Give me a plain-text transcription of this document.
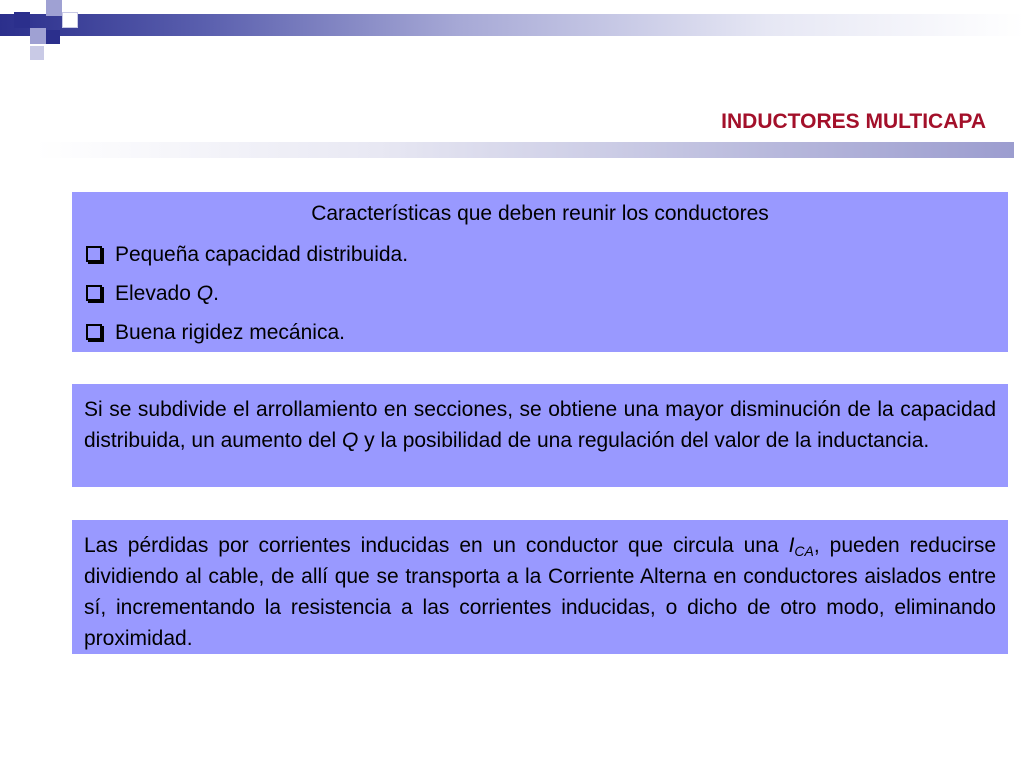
INDUCTORES MULTICAPA

Características que deben reunir los conductores

Pequeña capacidad distribuida.
Elevado Q.
Buena rigidez mecánica.
Si se subdivide el arrollamiento en secciones, se obtiene una mayor disminución de la capacidad distribuida, un aumento del Q y la posibilidad de una regulación del valor de la inductancia.
Las pérdidas por corrientes inducidas en un conductor que circula una $I_{CA}$, pueden reducirse dividiendo al cable, de allí que se transporta a la Corriente Alterna en conductores aislados entre sí, incrementando la resistencia a las corrientes inducidas, o dicho de otro modo, eliminando proximidad.
